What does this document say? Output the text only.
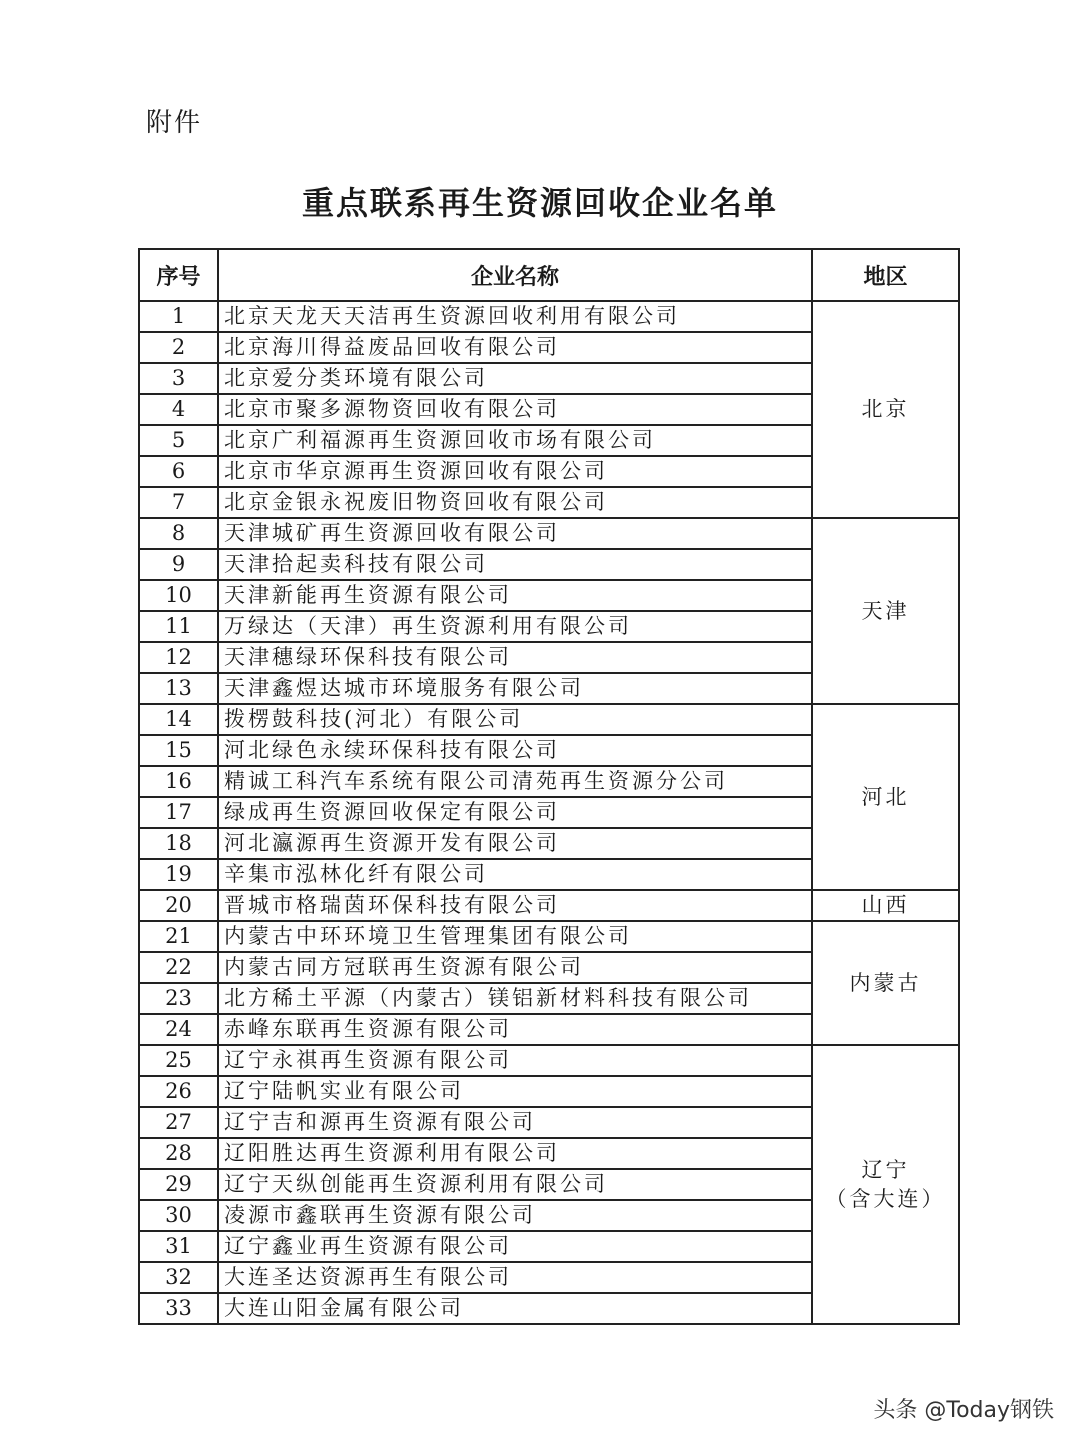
附件
重点联系再生资源回收企业名单
序号	企业名称	地区
1	北京天龙天天洁再生资源回收利用有限公司	北京
2	北京海川得益废品回收有限公司	
3	北京爱分类环境有限公司	
4	北京市聚多源物资回收有限公司	
5	北京广利福源再生资源回收市场有限公司	
6	北京市华京源再生资源回收有限公司	
7	北京金银永祝废旧物资回收有限公司	
8	天津城矿再生资源回收有限公司	天津
9	天津拾起卖科技有限公司	
10	天津新能再生资源有限公司	
11	万绿达（天津）再生资源利用有限公司	
12	天津穗绿环保科技有限公司	
13	天津鑫煜达城市环境服务有限公司	
14	拨楞鼓科技(河北）有限公司	河北
15	河北绿色永续环保科技有限公司	
16	精诚工科汽车系统有限公司清苑再生资源分公司	
17	绿成再生资源回收保定有限公司	
18	河北瀛源再生资源开发有限公司	
19	辛集市泓林化纤有限公司	
20	晋城市格瑞茵环保科技有限公司	山西
21	内蒙古中环环境卫生管理集团有限公司	内蒙古
22	内蒙古同方冠联再生资源有限公司	
23	北方稀土平源（内蒙古）镁铝新材料科技有限公司	
24	赤峰东联再生资源有限公司	
25	辽宁永祺再生资源有限公司	辽宁
（含大连）
26	辽宁陆帆实业有限公司	
27	辽宁吉和源再生资源有限公司	
28	辽阳胜达再生资源利用有限公司	
29	辽宁天纵创能再生资源利用有限公司	
30	凌源市鑫联再生资源有限公司	
31	辽宁鑫业再生资源有限公司	
32	大连圣达资源再生有限公司	
33	大连山阳金属有限公司	
头条 @Today钢铁
